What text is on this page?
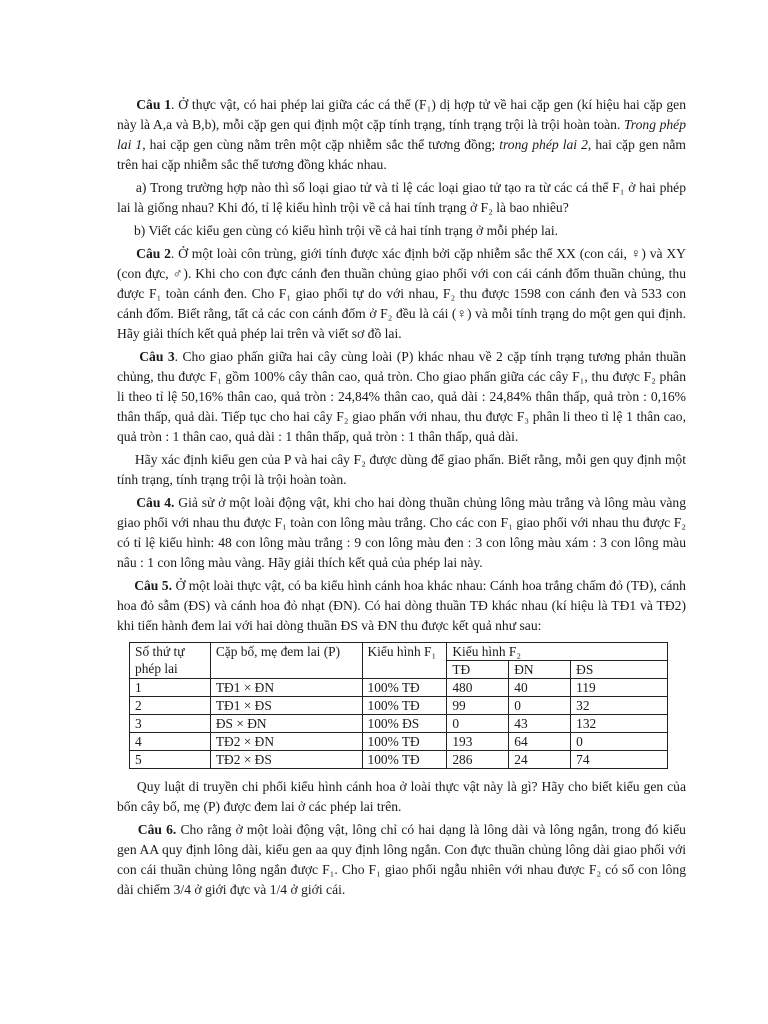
Câu 1. Ở thực vật, có hai phép lai giữa các cá thể (F₁) dị hợp tử về hai cặp gen (kí hiệu hai cặp gen này là A,a và B,b), mỗi cặp gen qui định một cặp tính trạng, tính trạng trội là trội hoàn toàn. Trong phép lai 1, hai cặp gen cùng nằm trên một cặp nhiễm sắc thể tương đồng; trong phép lai 2, hai cặp gen nằm trên hai cặp nhiễm sắc thể tương đồng khác nhau.

a) Trong trường hợp nào thì số loại giao tử và tỉ lệ các loại giao tử tạo ra từ các cá thể F₁ ở hai phép lai là giống nhau? Khi đó, tỉ lệ kiểu hình trội về cả hai tính trạng ở F₂ là bao nhiêu?

b) Viết các kiểu gen cùng có kiểu hình trội về cả hai tính trạng ở mỗi phép lai.

Câu 2. Ở một loài côn trùng, giới tính được xác định bởi cặp nhiễm sắc thể XX (con cái, ♀) và XY (con đực, ♂). Khi cho con đực cánh đen thuần chủng giao phối với con cái cánh đốm thuần chủng, thu được F₁ toàn cánh đen. Cho F₁ giao phối tự do với nhau, F₂ thu được 1598 con cánh đen và 533 con cánh đốm. Biết rằng, tất cả các con cánh đốm ở F₂ đều là cái (♀) và mỗi tính trạng do một gen qui định. Hãy giải thích kết quả phép lai trên và viết sơ đồ lai.

Câu 3. Cho giao phấn giữa hai cây cùng loài (P) khác nhau về 2 cặp tính trạng tương phản thuần chủng, thu được F₁ gồm 100% cây thân cao, quả tròn. Cho giao phấn giữa các cây F₁, thu được F₂ phân li theo tỉ lệ 50,16% thân cao, quả tròn : 24,84% thân cao, quả dài : 24,84% thân thấp, quả tròn : 0,16% thân thấp, quả dài. Tiếp tục cho hai cây F₂ giao phấn với nhau, thu được F₃ phân li theo tỉ lệ 1 thân cao, quả tròn : 1 thân cao, quả dài : 1 thân thấp, quả tròn : 1 thân thấp, quả dài.

Hãy xác định kiểu gen của P và hai cây F₂ được dùng để giao phấn. Biết rằng, mỗi gen quy định một tính trạng, tính trạng trội là trội hoàn toàn.

Câu 4. Giả sử ở một loài động vật, khi cho hai dòng thuần chủng lông màu trắng và lông màu vàng giao phối với nhau thu được F₁ toàn con lông màu trắng. Cho các con F₁ giao phối với nhau thu được F₂ có tỉ lệ kiểu hình: 48 con lông màu trắng : 9 con lông màu đen : 3 con lông màu xám : 3 con lông màu nâu : 1 con lông màu vàng. Hãy giải thích kết quả của phép lai này.

Câu 5. Ở một loài thực vật, có ba kiểu hình cánh hoa khác nhau: Cánh hoa trắng chấm đỏ (TĐ), cánh hoa đỏ sẫm (ĐS) và cánh hoa đỏ nhạt (ĐN). Có hai dòng thuần TĐ khác nhau (kí hiệu là TĐ1 và TĐ2) khi tiến hành đem lai với hai dòng thuần ĐS và ĐN thu được kết quả như sau:

Số thứ tự phép lai	Cặp bố, mẹ đem lai (P)	Kiểu hình F₁	Kiểu hình F₂		
			TĐ	ĐN	ĐS
1	TĐ1 × ĐN	100% TĐ	480	40	119
2	TĐ1 × ĐS	100% TĐ	99	0	32
3	ĐS × ĐN	100% ĐS	0	43	132
4	TĐ2 × ĐN	100% TĐ	193	64	0
5	TĐ2 × ĐS	100% TĐ	286	24	74

Quy luật di truyền chi phối kiểu hình cánh hoa ở loài thực vật này là gì? Hãy cho biết kiểu gen của bốn cây bố, mẹ (P) được đem lai ở các phép lai trên.

Câu 6. Cho rằng ở một loài động vật, lông chỉ có hai dạng là lông dài và lông ngắn, trong đó kiểu gen AA quy định lông dài, kiểu gen aa quy định lông ngắn. Con đực thuần chủng lông dài giao phối với con cái thuần chủng lông ngắn được F₁. Cho F₁ giao phối ngẫu nhiên với nhau được F₂ có số con lông dài chiếm 3/4 ở giới đực và 1/4 ở giới cái.
